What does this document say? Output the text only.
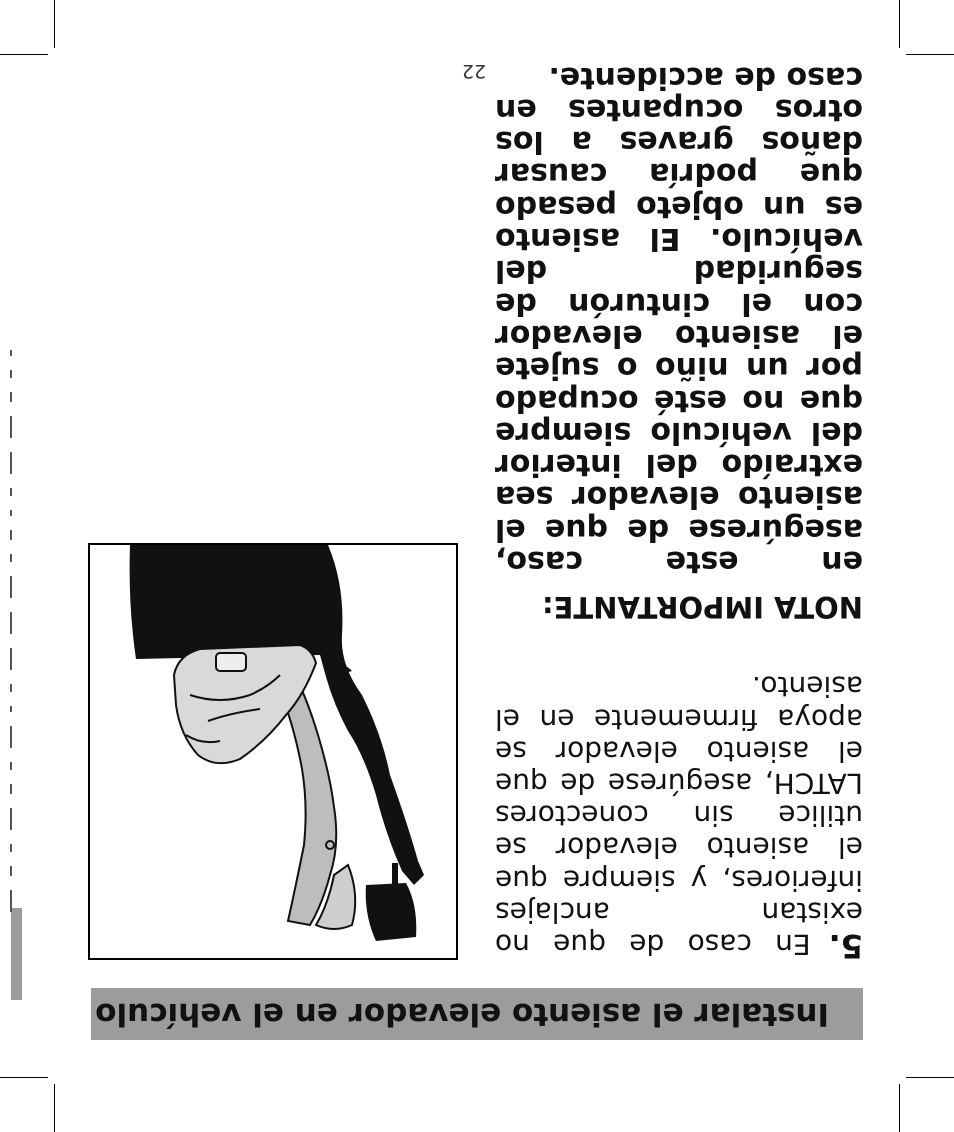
Instalar el asiento elevador en el vehículo

5.En caso de que no existan anclajes inferiores, y siempre que el asiento elevador se utilice sin conectores LATCH, asegúrese de que el asiento elevador se apoya firmemente en el asiento.

NOTA IMPORTANTE:
en este caso, asegúrese de que el asiento elevador sea extraído del interior del vehículo siempre que no esté ocupado por un niño o sujete el asiento elevador con el cinturón de seguridad del vehículo. El asiento es un objeto pesado que podría causar daños graves a los otros ocupantes en caso de accidente.
22
